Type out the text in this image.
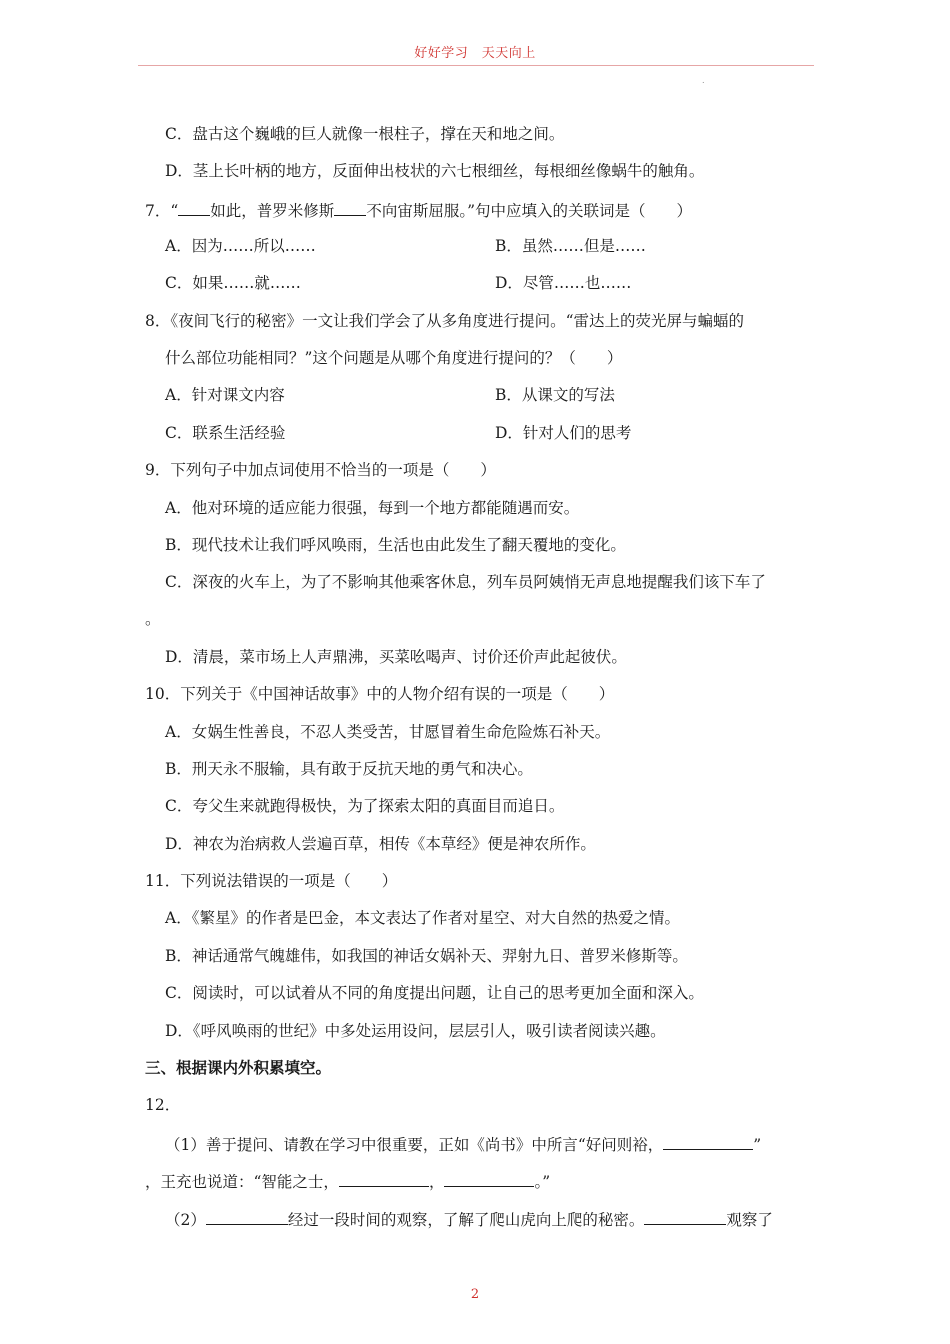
好好学习　天天向上
.
C．盘古这个巍峨的巨人就像一根柱子，撑在天和地之间。
D．茎上长叶柄的地方，反面伸出枝状的六七根细丝，每根细丝像蜗牛的触角。
7．“ 如此，普罗米修斯 不向宙斯屈服。”句中应填入的关联词是（　　）
A．因为……所以……	B．虽然……但是……
C．如果……就……	D．尽管……也……
8．《夜间飞行的秘密》一文让我们学会了从多角度进行提问。“雷达上的荧光屏与蝙蝠的
什么部位功能相同？”这个问题是从哪个角度进行提问的？（　　）
A．针对课文内容	B．从课文的写法
C．联系生活经验	D．针对人们的思考
9．下列句子中加点词使用不恰当的一项是（　　）
A．他对环境的适应能力很强，每到一个地方都能随遇而安。
B．现代技术让我们呼风唤雨，生活也由此发生了翻天覆地的变化。
C．深夜的火车上，为了不影响其他乘客休息，列车员阿姨悄无声息地提醒我们该下车了
。
D．清晨，菜市场上人声鼎沸，买菜吆喝声、讨价还价声此起彼伏。
10．下列关于《中国神话故事》中的人物介绍有误的一项是（　　）
A．女娲生性善良，不忍人类受苦，甘愿冒着生命危险炼石补天。
B．刑天永不服输，具有敢于反抗天地的勇气和决心。
C．夸父生来就跑得极快，为了探索太阳的真面目而追日。
D．神农为治病救人尝遍百草，相传《本草经》便是神农所作。
11．下列说法错误的一项是（　　）
A．《繁星》的作者是巴金，本文表达了作者对星空、对大自然的热爱之情。
B．神话通常气魄雄伟，如我国的神话女娲补天、羿射九日、普罗米修斯等。
C．阅读时，可以试着从不同的角度提出问题，让自己的思考更加全面和深入。
D．《呼风唤雨的世纪》中多处运用设问，层层引人，吸引读者阅读兴趣。
三、根据课内外积累填空。
12．
（1）善于提问、请教在学习中很重要，正如《尚书》中所言“好问则裕，	”
，王充也说道：“智能之士，	，	。”
（2）	经过一段时间的观察，了解了爬山虎向上爬的秘密。	观察了
2
